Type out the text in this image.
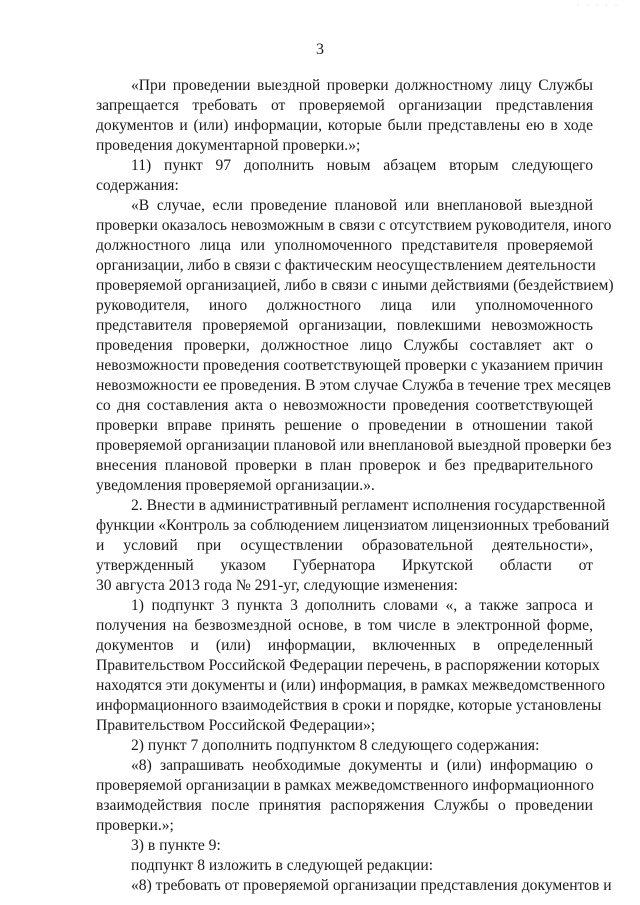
· · · · ·
3
«При проведении выездной проверки должностному лицу Службы
запрещается требовать от проверяемой организации представления
документов и (или) информации, которые были представлены ею в ходе
проведения документарной проверки.»;
11) пункт 97 дополнить новым абзацем вторым следующего
содержания:
«В случае, если проведение плановой или внеплановой выездной
проверки оказалось невозможным в связи с отсутствием руководителя, иного
должностного лица или уполномоченного представителя проверяемой
организации, либо в связи с фактическим неосуществлением деятельности
проверяемой организацией, либо в связи с иными действиями (бездействием)
руководителя, иного должностного лица или уполномоченного
представителя проверяемой организации, повлекшими невозможность
проведения проверки, должностное лицо Службы составляет акт о
невозможности проведения соответствующей проверки с указанием причин
невозможности ее проведения. В этом случае Служба в течение трех месяцев
со дня составления акта о невозможности проведения соответствующей
проверки вправе принять решение о проведении в отношении такой
проверяемой организации плановой или внеплановой выездной проверки без
внесения плановой проверки в план проверок и без предварительного
уведомления проверяемой организации.».
2. Внести в административный регламент исполнения государственной
функции «Контроль за соблюдением лицензиатом лицензионных требований
и условий при осуществлении образовательной деятельности»,
утвержденный указом Губернатора Иркутской области от
30 августа 2013 года № 291-уг, следующие изменения:
1) подпункт 3 пункта 3 дополнить словами «, а также запроса и
получения на безвозмездной основе, в том числе в электронной форме,
документов и (или) информации, включенных в определенный
Правительством Российской Федерации перечень, в распоряжении которых
находятся эти документы и (или) информация, в рамках межведомственного
информационного взаимодействия в сроки и порядке, которые установлены
Правительством Российской Федерации»;
2) пункт 7 дополнить подпунктом 8 следующего содержания:
«8) запрашивать необходимые документы и (или) информацию о
проверяемой организации в рамках межведомственного информационного
взаимодействия после принятия распоряжения Службы о проведении
проверки.»;
3) в пункте 9:
подпункт 8 изложить в следующей редакции:
«8) требовать от проверяемой организации представления документов и
